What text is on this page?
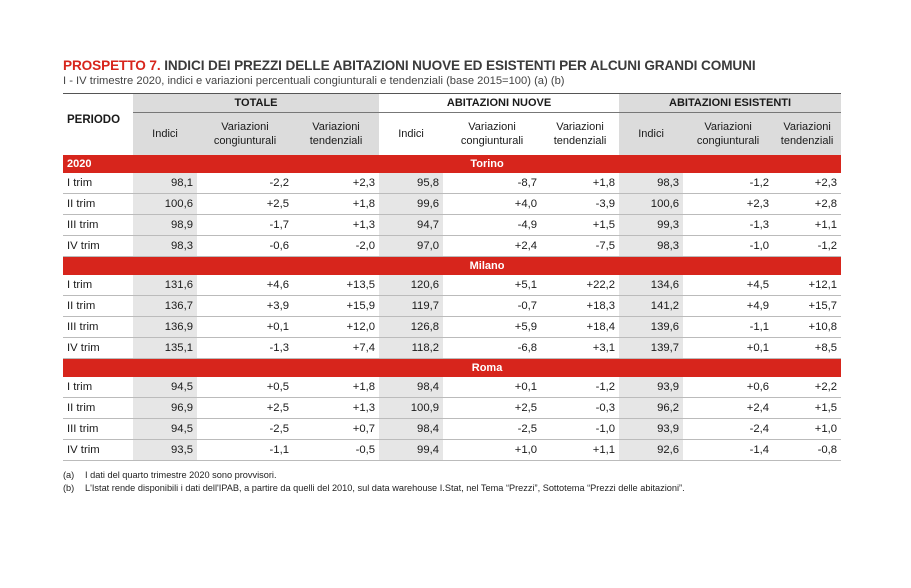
PROSPETTO 7. INDICI DEI PREZZI DELLE ABITAZIONI NUOVE ED ESISTENTI PER ALCUNI GRANDI COMUNI
I - IV trimestre 2020, indici e variazioni percentuali congiunturali e tendenziali (base 2015=100) (a) (b)
PERIODO	TOTALE			ABITAZIONI NUOVE			ABITAZIONI ESISTENTI		
	Indici	Variazioni congiunturali	Variazioni tendenziali	Indici	Variazioni congiunturali	Variazioni tendenziali	Indici	Variazioni congiunturali	Variazioni tendenziali
2020	Torino								
I trim	98,1	-2,2	+2,3	95,8	-8,7	+1,8	98,3	-1,2	+2,3
II trim	100,6	+2,5	+1,8	99,6	+4,0	-3,9	100,6	+2,3	+2,8
III trim	98,9	-1,7	+1,3	94,7	-4,9	+1,5	99,3	-1,3	+1,1
IV trim	98,3	-0,6	-2,0	97,0	+2,4	-7,5	98,3	-1,0	-1,2
	Milano								
I trim	131,6	+4,6	+13,5	120,6	+5,1	+22,2	134,6	+4,5	+12,1
II trim	136,7	+3,9	+15,9	119,7	-0,7	+18,3	141,2	+4,9	+15,7
III trim	136,9	+0,1	+12,0	126,8	+5,9	+18,4	139,6	-1,1	+10,8
IV trim	135,1	-1,3	+7,4	118,2	-6,8	+3,1	139,7	+0,1	+8,5
	Roma								
I trim	94,5	+0,5	+1,8	98,4	+0,1	-1,2	93,9	+0,6	+2,2
II trim	96,9	+2,5	+1,3	100,9	+2,5	-0,3	96,2	+2,4	+1,5
III trim	94,5	-2,5	+0,7	98,4	-2,5	-1,0	93,9	-2,4	+1,0
IV trim	93,5	-1,1	-0,5	99,4	+1,0	+1,1	92,6	-1,4	-0,8
(a) I dati del quarto trimestre 2020 sono provvisori.
(b) L'Istat rende disponibili i dati dell'IPAB, a partire da quelli del 2010, sul data warehouse I.Stat, nel Tema “Prezzi”, Sottotema “Prezzi delle abitazioni”.
